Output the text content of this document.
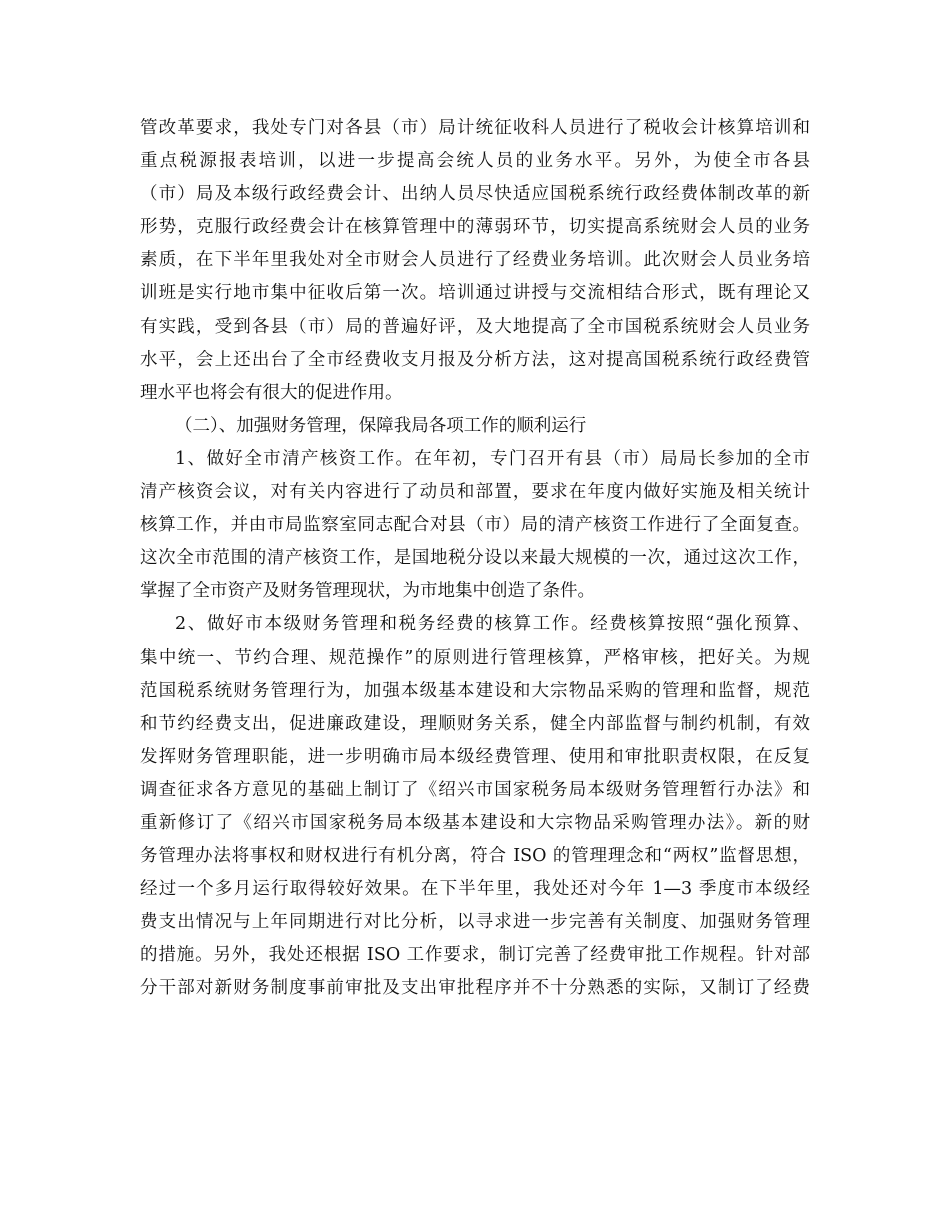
管改革要求，我处专门对各县（市）局计统征收科人员进行了税收会计核算培训和
重点税源报表培训，以进一步提高会统人员的业务水平。另外，为使全市各县
（市）局及本级行政经费会计、出纳人员尽快适应国税系统行政经费体制改革的新
形势，克服行政经费会计在核算管理中的薄弱环节，切实提高系统财会人员的业务
素质，在下半年里我处对全市财会人员进行了经费业务培训。此次财会人员业务培
训班是实行地市集中征收后第一次。培训通过讲授与交流相结合形式，既有理论又
有实践，受到各县（市）局的普遍好评，及大地提高了全市国税系统财会人员业务
水平，会上还出台了全市经费收支月报及分析方法，这对提高国税系统行政经费管
理水平也将会有很大的促进作用。
（二）、加强财务管理，保障我局各项工作的顺利运行
1、做好全市清产核资工作。在年初，专门召开有县（市）局局长参加的全市
清产核资会议，对有关内容进行了动员和部置，要求在年度内做好实施及相关统计
核算工作，并由市局监察室同志配合对县（市）局的清产核资工作进行了全面复查。
这次全市范围的清产核资工作，是国地税分设以来最大规模的一次，通过这次工作，
掌握了全市资产及财务管理现状，为市地集中创造了条件。
2、做好市本级财务管理和税务经费的核算工作。经费核算按照“强化预算、
集中统一、节约合理、规范操作”的原则进行管理核算，严格审核，把好关。为规
范国税系统财务管理行为，加强本级基本建设和大宗物品采购的管理和监督，规范
和节约经费支出，促进廉政建设，理顺财务关系，健全内部监督与制约机制，有效
发挥财务管理职能，进一步明确市局本级经费管理、使用和审批职责权限，在反复
调查征求各方意见的基础上制订了《绍兴市国家税务局本级财务管理暂行办法》和
重新修订了《绍兴市国家税务局本级基本建设和大宗物品采购管理办法》。新的财
务管理办法将事权和财权进行有机分离，符合 ISO 的管理理念和“两权”监督思想，
经过一个多月运行取得较好效果。在下半年里，我处还对今年 1—3 季度市本级经
费支出情况与上年同期进行对比分析，以寻求进一步完善有关制度、加强财务管理
的措施。另外，我处还根据 ISO 工作要求，制订完善了经费审批工作规程。针对部
分干部对新财务制度事前审批及支出审批程序并不十分熟悉的实际，又制订了经费
